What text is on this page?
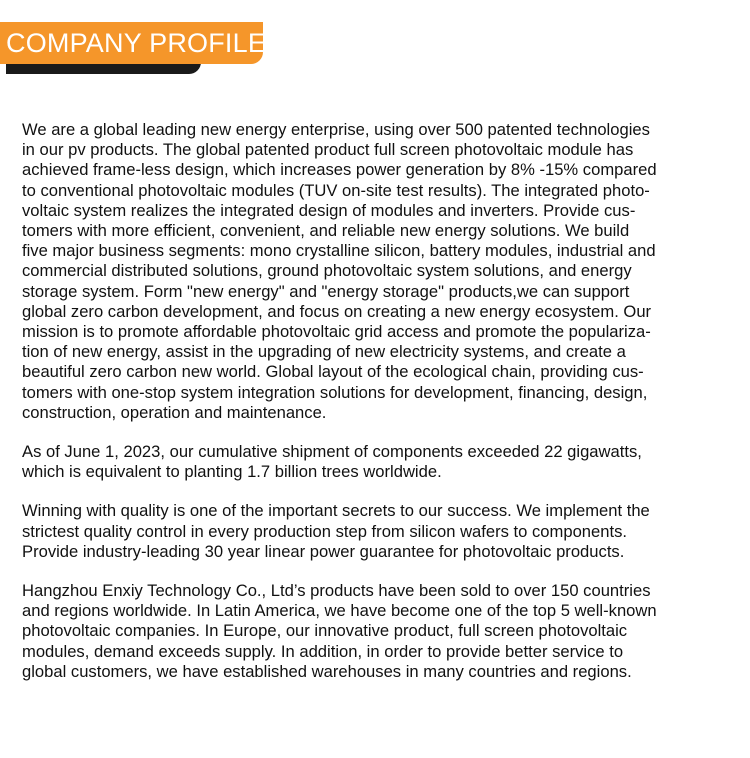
COMPANY PROFILE

We are a global leading new energy enterprise, using over 500 patented technologies
in our pv products. The global patented product full screen photovoltaic module has
achieved frame-less design, which increases power generation by 8% -15% compared
to conventional photovoltaic modules (TUV on-site test results). The integrated photo-
voltaic system realizes the integrated design of modules and inverters. Provide cus-
tomers with more efficient, convenient, and reliable new energy solutions. We build
five major business segments: mono crystalline silicon, battery modules, industrial and
commercial distributed solutions, ground photovoltaic system solutions, and energy
storage system. Form "new energy" and "energy storage" products,we can support
global zero carbon development, and focus on creating a new energy ecosystem. Our
mission is to promote affordable photovoltaic grid access and promote the populariza-
tion of new energy, assist in the upgrading of new electricity systems, and create a
beautiful zero carbon new world. Global layout of the ecological chain, providing cus-
tomers with one-stop system integration solutions for development, financing, design,
construction, operation and maintenance.

As of June 1, 2023, our cumulative shipment of components exceeded 22 gigawatts,
which is equivalent to planting 1.7 billion trees worldwide.

Winning with quality is one of the important secrets to our success. We implement the
strictest quality control in every production step from silicon wafers to components.
Provide industry-leading 30 year linear power guarantee for photovoltaic products.

Hangzhou Enxiy Technology Co., Ltd’s products have been sold to over 150 countries
and regions worldwide. In Latin America, we have become one of the top 5 well-known
photovoltaic companies. In Europe, our innovative product, full screen photovoltaic
modules, demand exceeds supply. In addition, in order to provide better service to
global customers, we have established warehouses in many countries and regions.
